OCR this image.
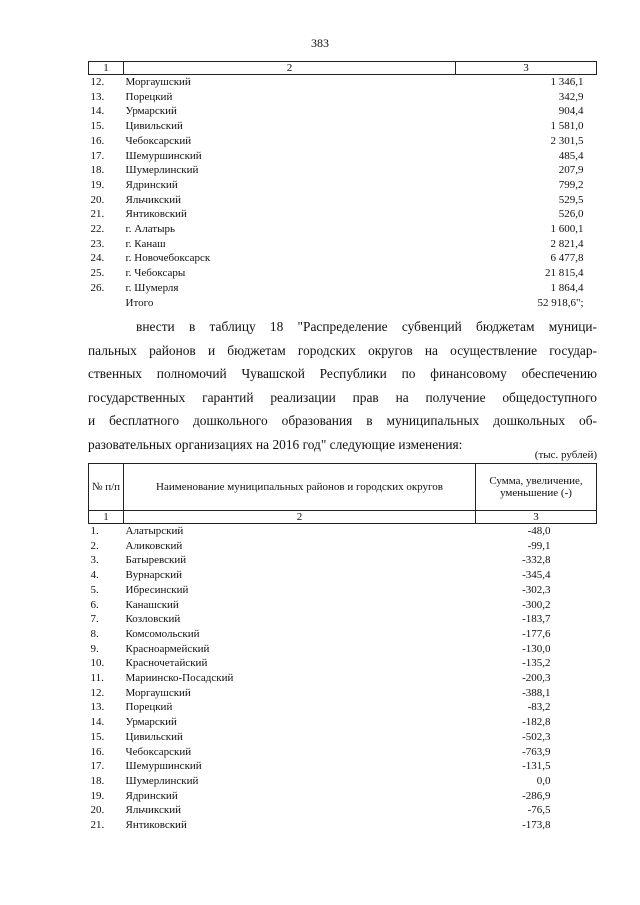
383
1	2	3
12.	Моргаушский	1 346,1
13.	Порецкий	342,9
14.	Урмарский	904,4
15.	Цивильский	1 581,0
16.	Чебоксарский	2 301,5
17.	Шемуршинский	485,4
18.	Шумерлинский	207,9
19.	Ядринский	799,2
20.	Яльчикский	529,5
21.	Янтиковский	526,0
22.	г. Алатырь	1 600,1
23.	г. Канаш	2 821,4
24.	г. Новочебоксарск	6 477,8
25.	г. Чебоксары	21 815,4
26.	г. Шумерля	1 864,4
	Итого	52 918,6";
внести в таблицу 18 "Распределение субвенций бюджетам муници-
пальных районов и бюджетам городских округов на осуществление государ-
ственных полномочий Чувашской Республики по финансовому обеспечению
государственных гарантий реализации прав на получение общедоступного
и бесплатного дошкольного образования в муниципальных дошкольных об-
разовательных организациях на 2016 год" следующие изменения:
(тыс. рублей)
№ п/п	Наименование муниципальных районов и городских округов	Сумма, увеличение, уменьшение (-)
1	2	3
1.	Алатырский	-48,0
2.	Аликовский	-99,1
3.	Батыревский	-332,8
4.	Вурнарский	-345,4
5.	Ибресинский	-302,3
6.	Канашский	-300,2
7.	Козловский	-183,7
8.	Комсомольский	-177,6
9.	Красноармейский	-130,0
10.	Красночетайский	-135,2
11.	Мариинско-Посадский	-200,3
12.	Моргаушский	-388,1
13.	Порецкий	-83,2
14.	Урмарский	-182,8
15.	Цивильский	-502,3
16.	Чебоксарский	-763,9
17.	Шемуршинский	-131,5
18.	Шумерлинский	0,0
19.	Ядринский	-286,9
20.	Яльчикский	-76,5
21.	Янтиковский	-173,8
